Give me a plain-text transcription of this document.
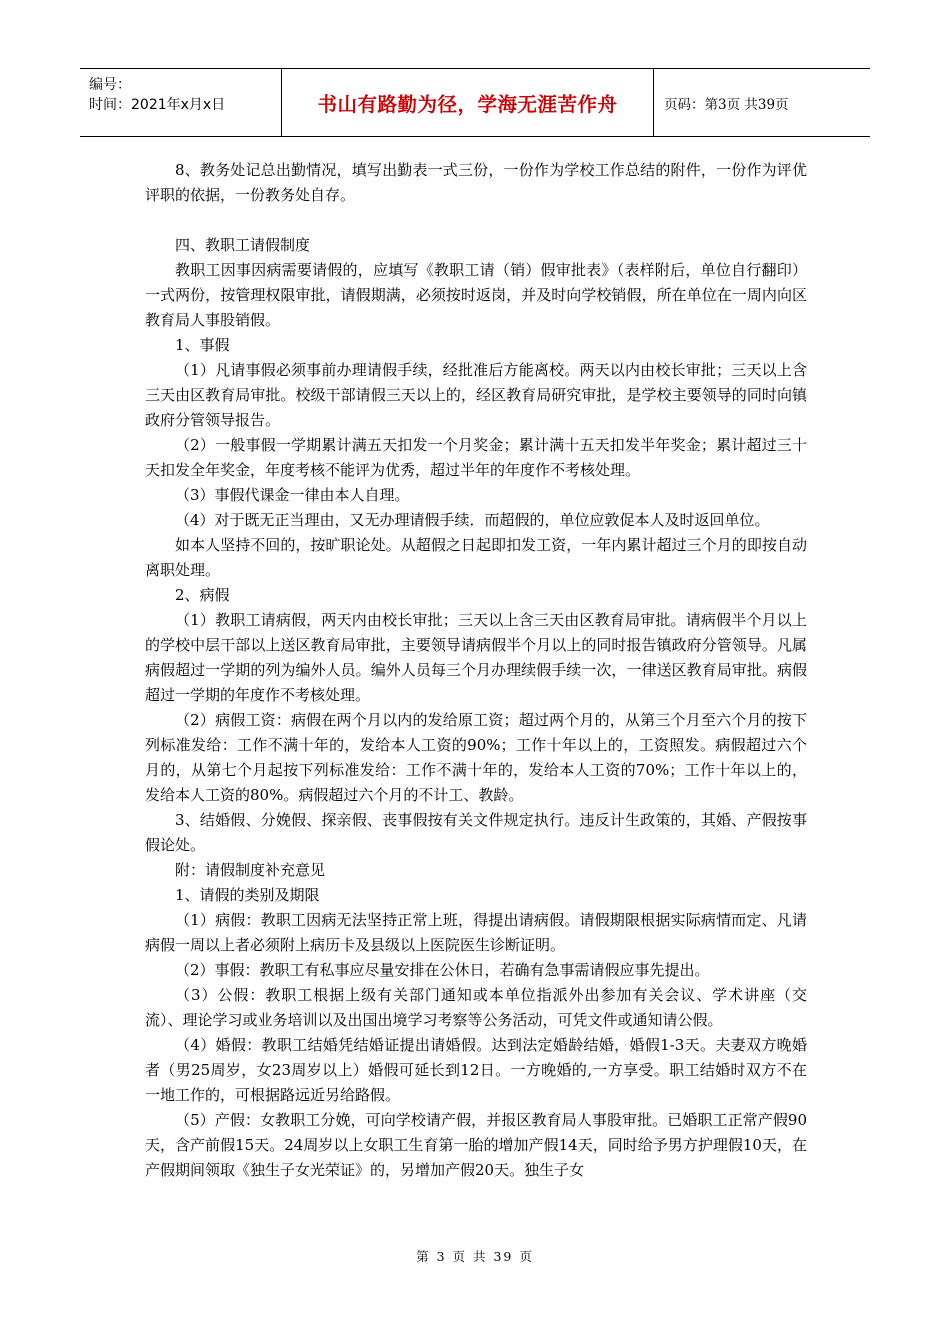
编号：
时间：2021年x月x日	书山有路勤为径，学海无涯苦作舟	页码：第3页 共39页

8、教务处记总出勤情况，填写出勤表一式三份，一份作为学校工作总结的附件，一份作为评优评职的依据，一份教务处自存。

四、教职工请假制度

教职工因事因病需要请假的，应填写《教职工请（销）假审批表》（表样附后，单位自行翻印）一式两份，按管理权限审批，请假期满，必须按时返岗，并及时向学校销假，所在单位在一周内向区教育局人事股销假。

1、事假

（1）凡请事假必须事前办理请假手续，经批准后方能离校。两天以内由校长审批；三天以上含三天由区教育局审批。校级干部请假三天以上的，经区教育局研究审批，是学校主要领导的同时向镇政府分管领导报告。

（2）一般事假一学期累计满五天扣发一个月奖金；累计满十五天扣发半年奖金；累计超过三十天扣发全年奖金，年度考核不能评为优秀，超过半年的年度作不考核处理。

（3）事假代课金一律由本人自理。

（4）对于既无正当理由，又无办理请假手续．而超假的，单位应敦促本人及时返回单位。

如本人坚持不回的，按旷职论处。从超假之日起即扣发工资，一年内累计超过三个月的即按自动离职处理。

2、病假

（1）教职工请病假，两天内由校长审批；三天以上含三天由区教育局审批。请病假半个月以上的学校中层干部以上送区教育局审批，主要领导请病假半个月以上的同时报告镇政府分管领导。凡属病假超过一学期的列为编外人员。编外人员每三个月办理续假手续一次，一律送区教育局审批。病假超过一学期的年度作不考核处理。

（2）病假工资：病假在两个月以内的发给原工资；超过两个月的，从第三个月至六个月的按下列标准发给：工作不满十年的，发给本人工资的90%；工作十年以上的，工资照发。病假超过六个月的，从第七个月起按下列标准发给：工作不满十年的，发给本人工资的70%；工作十年以上的，发给本人工资的80%。病假超过六个月的不计工、教龄。

3、结婚假、分娩假、探亲假、丧事假按有关文件规定执行。违反计生政策的，其婚、产假按事假论处。

附：请假制度补充意见

1、请假的类别及期限

（1）病假：教职工因病无法坚持正常上班，得提出请病假。请假期限根据实际病情而定、凡请病假一周以上者必须附上病历卡及县级以上医院医生诊断证明。

（2）事假：教职工有私事应尽量安排在公休日，若确有急事需请假应事先提出。

（3）公假：教职工根据上级有关部门通知或本单位指派外出参加有关会议、学术讲座（交流）、理论学习或业务培训以及出国出境学习考察等公务活动，可凭文件或通知请公假。

（4）婚假：教职工结婚凭结婚证提出请婚假。达到法定婚龄结婚，婚假1-3天。夫妻双方晚婚者（男25周岁，女23周岁以上）婚假可延长到12日。一方晚婚的,一方享受。职工结婚时双方不在一地工作的，可根据路远近另给路假。

（5）产假：女教职工分娩，可向学校请产假，并报区教育局人事股审批。已婚职工正常产假90天，含产前假15天。24周岁以上女职工生育第一胎的增加产假14天，同时给予男方护理假10天，在产假期间领取《独生子女光荣证》的，另增加产假20天。独生子女

第 3 页 共 39 页
